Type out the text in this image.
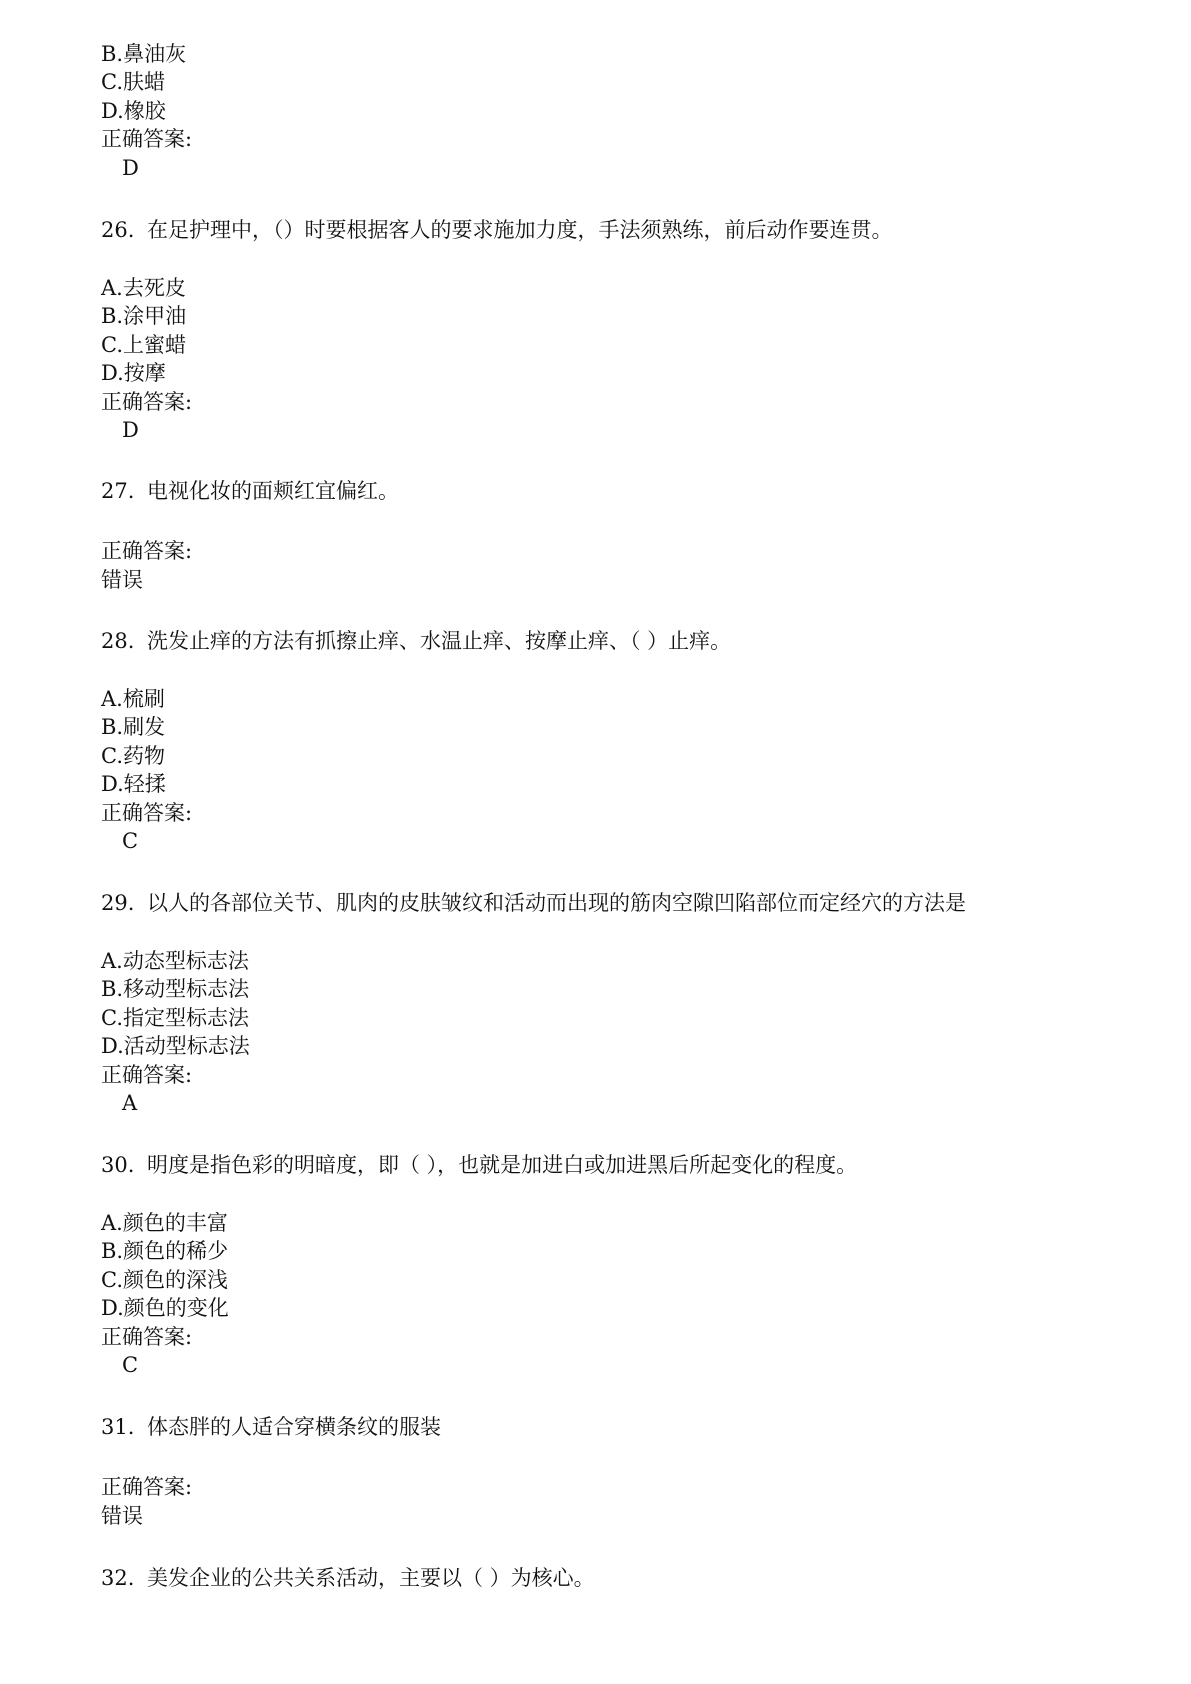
B.鼻油灰
C.肤蜡
D.橡胶
正确答案:
D
26. 在足护理中，（）时要根据客人的要求施加力度，手法须熟练，前后动作要连贯。
A.去死皮
B.涂甲油
C.上蜜蜡
D.按摩
正确答案:
D
27. 电视化妆的面颊红宜偏红。
正确答案:
错误
28. 洗发止痒的方法有抓擦止痒、水温止痒、按摩止痒、（ ）止痒。
A.梳刷
B.刷发
C.药物
D.轻揉
正确答案:
C
29. 以人的各部位关节、肌肉的皮肤皱纹和活动而出现的筋肉空隙凹陷部位而定经穴的方法是
A.动态型标志法
B.移动型标志法
C.指定型标志法
D.活动型标志法
正确答案:
A
30. 明度是指色彩的明暗度，即（ ），也就是加进白或加进黑后所起变化的程度。
A.颜色的丰富
B.颜色的稀少
C.颜色的深浅
D.颜色的变化
正确答案:
C
31. 体态胖的人适合穿横条纹的服装
正确答案:
错误
32. 美发企业的公共关系活动，主要以（ ）为核心。
